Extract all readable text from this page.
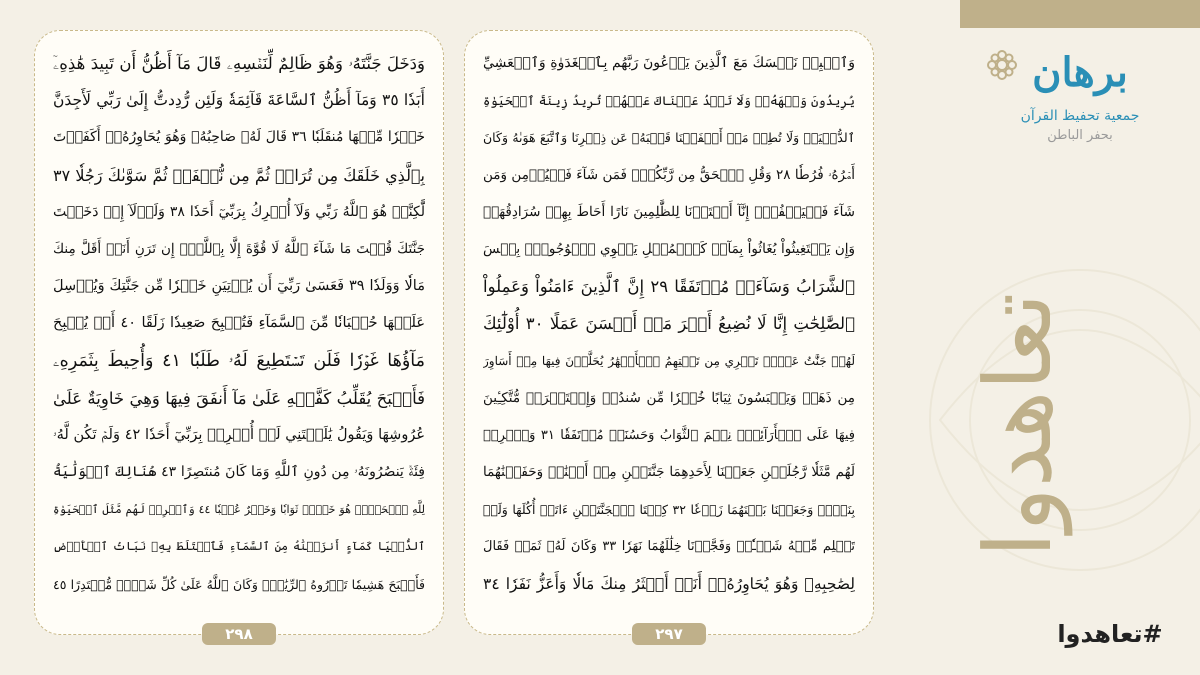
وَدَخَلَ جَنَّتَهُۥ وَهُوَ ظَالِمٌ لِّنَفۡسِهِۦ قَالَ مَآ أَظُنُّ أَن تَبِيدَ هَٰذِهِۦٓ
أَبَدٗا ٣٥ وَمَآ أَظُنُّ ٱلسَّاعَةَ قَآئِمَةٗ وَلَئِن رُّدِدتُّ إِلَىٰ رَبِّي لَأَجِدَنَّ
خَيۡرٗا مِّنۡهَا مُنقَلَبٗا ٣٦ قَالَ لَهُۥ صَاحِبُهُۥ وَهُوَ يُحَاوِرُهُۥٓ أَكَفَرۡتَ
بِٱلَّذِي خَلَقَكَ مِن تُرَابٖ ثُمَّ مِن نُّطۡفَةٖ ثُمَّ سَوَّىٰكَ رَجُلٗا ٣٧
لَّٰكِنَّا۠ هُوَ ٱللَّهُ رَبِّي وَلَآ أُشۡرِكُ بِرَبِّيٓ أَحَدٗا ٣٨ وَلَوۡلَآ إِذۡ دَخَلۡتَ
جَنَّتَكَ قُلۡتَ مَا شَآءَ ٱللَّهُ لَا قُوَّةَ إِلَّا بِٱللَّهِۚ إِن تَرَنِ أَنَا۠ أَقَلَّ مِنكَ
مَالٗا وَوَلَدٗا ٣٩ فَعَسَىٰ رَبِّيٓ أَن يُؤۡتِيَنِ خَيۡرٗا مِّن جَنَّتِكَ وَيُرۡسِلَ
عَلَيۡهَا حُسۡبَانٗا مِّنَ ٱلسَّمَآءِ فَتُصۡبِحَ صَعِيدٗا زَلَقًا ٤٠ أَوۡ يُصۡبِحَ
مَآؤُهَا غَوۡرٗا فَلَن تَسۡتَطِيعَ لَهُۥ طَلَبٗا ٤١ وَأُحِيطَ بِثَمَرِهِۦ
فَأَصۡبَحَ يُقَلِّبُ كَفَّيۡهِ عَلَىٰ مَآ أَنفَقَ فِيهَا وَهِيَ خَاوِيَةٌ عَلَىٰ
عُرُوشِهَا وَيَقُولُ يَٰلَيۡتَنِي لَمۡ أُشۡرِكۡ بِرَبِّيٓ أَحَدٗا ٤٢ وَلَمۡ تَكُن لَّهُۥ
فِئَةٞ يَنصُرُونَهُۥ مِن دُونِ ٱللَّهِ وَمَا كَانَ مُنتَصِرًا ٤٣ هُنَالِكَ ٱلۡوَلَٰيَةُ
لِلَّهِ ٱلۡحَقِّۚ هُوَ خَيۡرٞ ثَوَابٗا وَخَيۡرٌ عُقۡبٗا ٤٤ وَٱضۡرِبۡ لَهُم مَّثَلَ ٱلۡحَيَوٰةِ
ٱلدُّنۡيَا كَمَآءٍ أَنزَلۡنَٰهُ مِنَ ٱلسَّمَآءِ فَٱخۡتَلَطَ بِهِۦ نَبَاتُ ٱلۡأَرۡضِ
فَأَصۡبَحَ هَشِيمٗا تَذۡرُوهُ ٱلرِّيَٰحُۗ وَكَانَ ٱللَّهُ عَلَىٰ كُلِّ شَيۡءٖ مُّقۡتَدِرًا ٤٥
٢٩٨
وَٱصۡبِرۡ نَفۡسَكَ مَعَ ٱلَّذِينَ يَدۡعُونَ رَبَّهُم بِٱلۡغَدَوٰةِ وَٱلۡعَشِيِّ
يُرِيدُونَ وَجۡهَهُۥۖ وَلَا تَعۡدُ عَيۡنَاكَ عَنۡهُمۡ تُرِيدُ زِينَةَ ٱلۡحَيَوٰةِ
ٱلدُّنۡيَاۖ وَلَا تُطِعۡ مَنۡ أَغۡفَلۡنَا قَلۡبَهُۥ عَن ذِكۡرِنَا وَٱتَّبَعَ هَوَىٰهُ وَكَانَ
أَمۡرُهُۥ فُرُطٗا ٢٨ وَقُلِ ٱلۡحَقُّ مِن رَّبِّكُمۡۖ فَمَن شَآءَ فَلۡيُؤۡمِن وَمَن
شَآءَ فَلۡيَكۡفُرۡۚ إِنَّآ أَعۡتَدۡنَا لِلظَّٰلِمِينَ نَارًا أَحَاطَ بِهِمۡ سُرَادِقُهَاۚ
وَإِن يَسۡتَغِيثُواْ يُغَاثُواْ بِمَآءٖ كَٱلۡمُهۡلِ يَشۡوِي ٱلۡوُجُوهَۚ بِئۡسَ
ٱلشَّرَابُ وَسَآءَتۡ مُرۡتَفَقًا ٢٩ إِنَّ ٱلَّذِينَ ءَامَنُواْ وَعَمِلُواْ
ٱلصَّٰلِحَٰتِ إِنَّا لَا نُضِيعُ أَجۡرَ مَنۡ أَحۡسَنَ عَمَلًا ٣٠ أُوْلَٰٓئِكَ
لَهُمۡ جَنَّٰتُ عَدۡنٖ تَجۡرِي مِن تَحۡتِهِمُ ٱلۡأَنۡهَٰرُ يُحَلَّوۡنَ فِيهَا مِنۡ أَسَاوِرَ
مِن ذَهَبٖ وَيَلۡبَسُونَ ثِيَابًا خُضۡرٗا مِّن سُندُسٖ وَإِسۡتَبۡرَقٖ مُّتَّكِـِٔينَ
فِيهَا عَلَى ٱلۡأَرَآئِكِۚ نِعۡمَ ٱلثَّوَابُ وَحَسُنَتۡ مُرۡتَفَقٗا ٣١ وَٱضۡرِبۡ
لَهُم مَّثَلٗا رَّجُلَيۡنِ جَعَلۡنَا لِأَحَدِهِمَا جَنَّتَيۡنِ مِنۡ أَعۡنَٰبٖ وَحَفَفۡنَٰهُمَا
بِنَخۡلٖ وَجَعَلۡنَا بَيۡنَهُمَا زَرۡعٗا ٣٢ كِلۡتَا ٱلۡجَنَّتَيۡنِ ءَاتَتۡ أُكُلَهَا وَلَمۡ
تَظۡلِم مِّنۡهُ شَيۡـٔٗاۚ وَفَجَّرۡنَا خِلَٰلَهُمَا نَهَرٗا ٣٣ وَكَانَ لَهُۥ ثَمَرٞ فَقَالَ
لِصَٰحِبِهِۦ وَهُوَ يُحَاوِرُهُۥٓ أَنَا۠ أَكۡثَرُ مِنكَ مَالٗا وَأَعَزُّ نَفَرٗا ٣٤
٢٩٧
برهان
جمعية تحفيظ القرآن
بحفر الباطن
تعاهدوا
#تعاهدوا
